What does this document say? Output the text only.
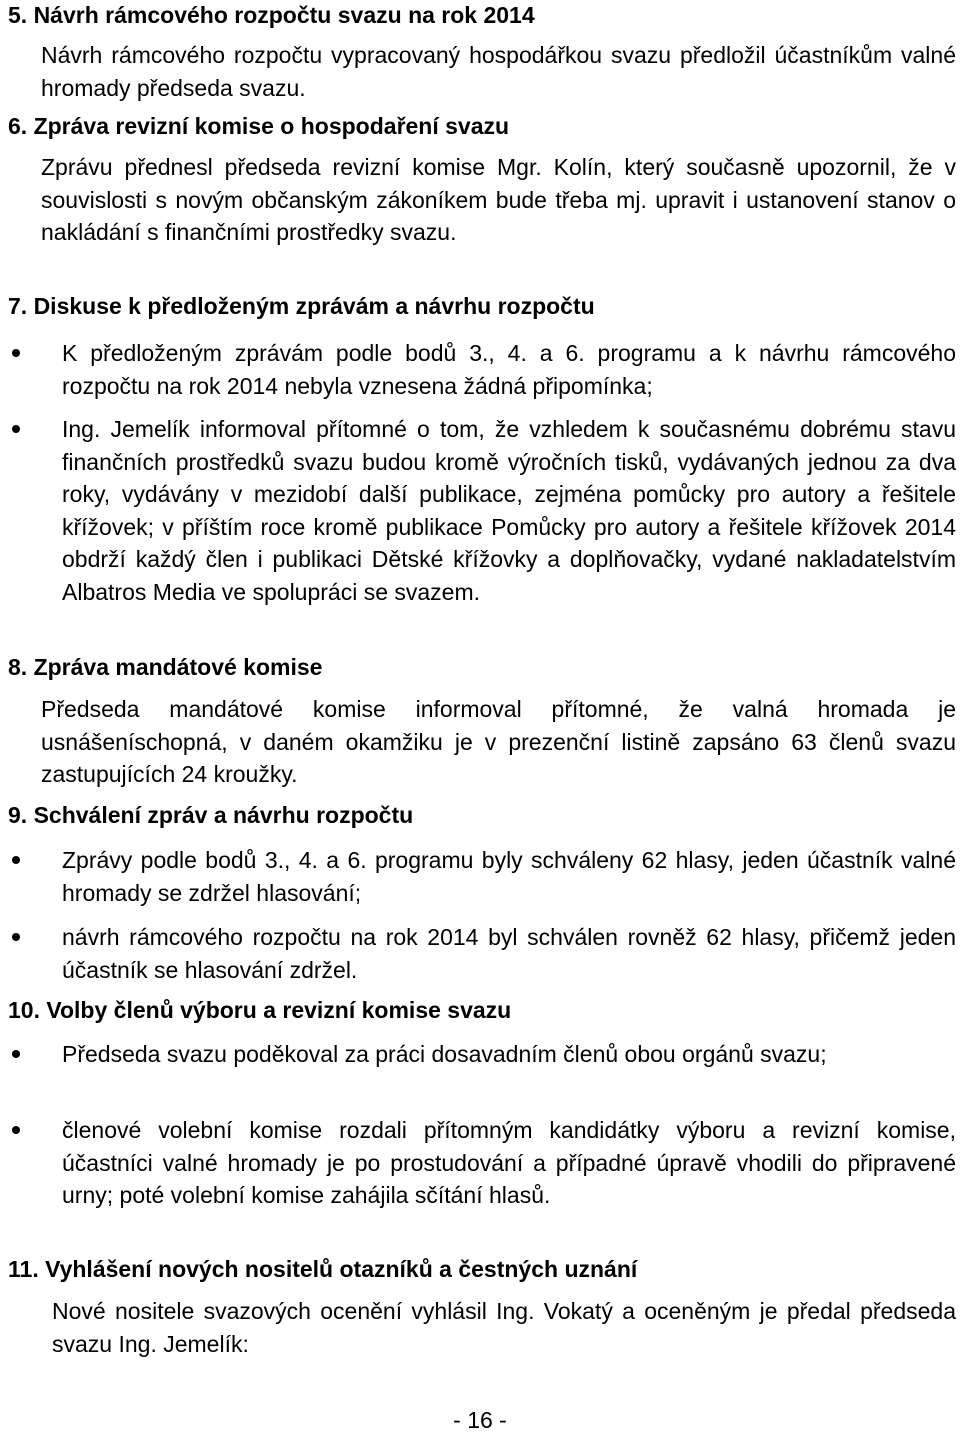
5. Návrh rámcového rozpočtu svazu na rok 2014
Návrh rámcového rozpočtu vypracovaný hospodářkou svazu předložil účastníkům valné hromady předseda svazu.
6. Zpráva revizní komise o hospodaření svazu
Zprávu přednesl předseda revizní komise Mgr. Kolín, který současně upozornil, že v souvislosti s novým občanským zákoníkem bude třeba mj. upravit i ustanovení stanov o nakládání s finančními prostředky svazu.
7. Diskuse k předloženým zprávám a návrhu rozpočtu
K předloženým zprávám podle bodů 3., 4. a 6. programu a k návrhu rámcového rozpočtu na rok 2014 nebyla vznesena žádná připomínka;
Ing. Jemelík informoval přítomné o tom, že vzhledem k současnému dobrému stavu finančních prostředků svazu budou kromě výročních tisků, vydávaných jednou za dva roky, vydávány v mezidobí další publikace, zejména pomůcky pro autory a řešitele křížovek; v příštím roce kromě publikace Pomůcky pro autory a řešitele křížovek 2014 obdrží každý člen i publikaci Dětské křížovky a doplňovačky, vydané nakladatelstvím Albatros Media ve spolupráci se svazem.
8. Zpráva mandátové komise
Předseda mandátové komise informoval přítomné, že valná hromada je usnášeníschopná, v daném okamžiku je v prezenční listině zapsáno 63 členů svazu zastupujících 24 kroužky.
9. Schválení zpráv a návrhu rozpočtu
Zprávy podle bodů 3., 4. a 6. programu byly schváleny 62 hlasy, jeden účastník valné hromady se zdržel hlasování;
návrh rámcového rozpočtu na rok 2014 byl schválen rovněž 62 hlasy, přičemž jeden účastník se hlasování zdržel.
10. Volby členů výboru a revizní komise svazu
Předseda svazu poděkoval za práci dosavadním členů obou orgánů svazu;
členové volební komise rozdali přítomným kandidátky výboru a revizní komise, účastníci valné hromady je po prostudování a případné úpravě vhodili do připravené urny; poté volební komise zahájila sčítání hlasů.
11. Vyhlášení nových nositelů otazníků a čestných uznání
Nové nositele svazových ocenění vyhlásil Ing. Vokatý a oceněným je předal předseda svazu Ing. Jemelík:
- 16 -
